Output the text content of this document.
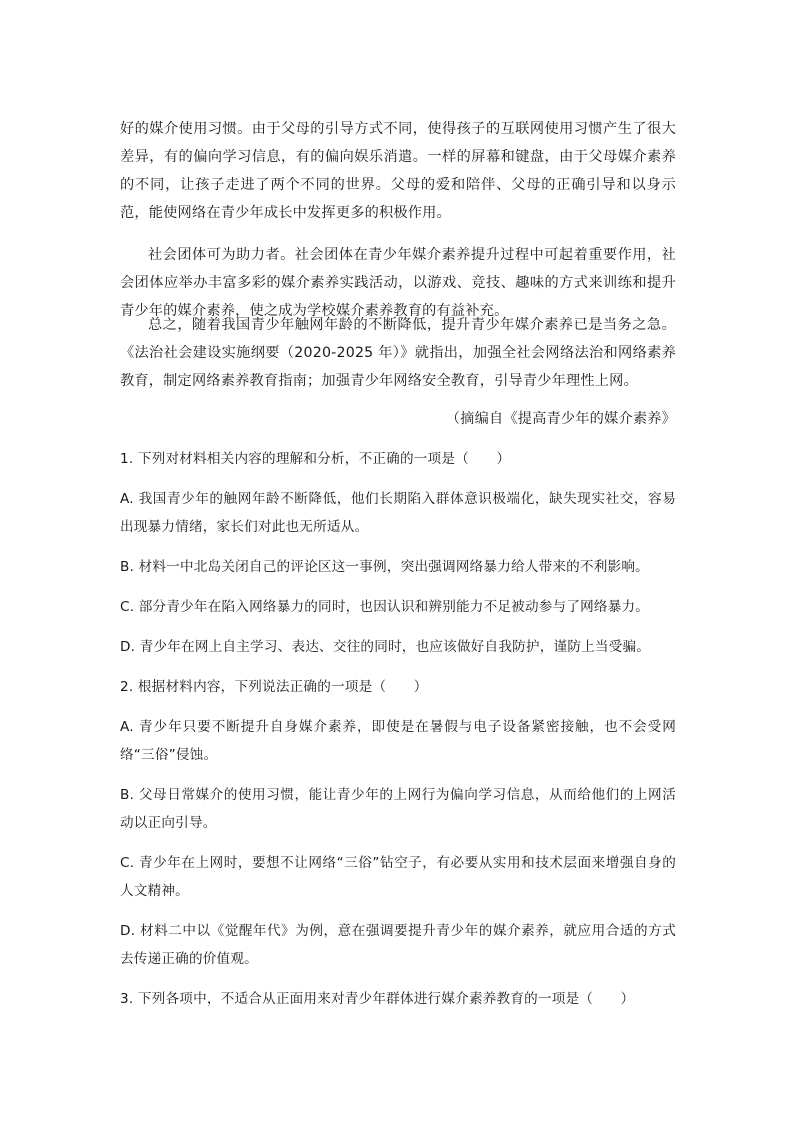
好的媒介使用习惯。由于父母的引导方式不同，使得孩子的互联网使用习惯产生了很大差异，有的偏向学习信息，有的偏向娱乐消遣。一样的屏幕和键盘，由于父母媒介素养的不同，让孩子走进了两个不同的世界。父母的爱和陪伴、父母的正确引导和以身示范，能使网络在青少年成长中发挥更多的积极作用。

社会团体可为助力者。社会团体在青少年媒介素养提升过程中可起着重要作用，社会团体应举办丰富多彩的媒介素养实践活动，以游戏、竞技、趣味的方式来训练和提升青少年的媒介素养，使之成为学校媒介素养教育的有益补充。

总之，随着我国青少年触网年龄的不断降低，提升青少年媒介素养已是当务之急。《法治社会建设实施纲要（2020-2025 年）》就指出，加强全社会网络法治和网络素养教育，制定网络素养教育指南；加强青少年网络安全教育，引导青少年理性上网。

（摘编自《提高青少年的媒介素养》

1. 下列对材料相关内容的理解和分析，不正确的一项是（　　）

A. 我国青少年的触网年龄不断降低，他们长期陷入群体意识极端化，缺失现实社交，容易出现暴力情绪，家长们对此也无所适从。

B. 材料一中北岛关闭自己的评论区这一事例，突出强调网络暴力给人带来的不利影响。

C. 部分青少年在陷入网络暴力的同时，也因认识和辨别能力不足被动参与了网络暴力。

D. 青少年在网上自主学习、表达、交往的同时，也应该做好自我防护，谨防上当受骗。

2. 根据材料内容，下列说法正确的一项是（　　）

A. 青少年只要不断提升自身媒介素养，即使是在暑假与电子设备紧密接触，也不会受网络“三俗”侵蚀。

B. 父母日常媒介的使用习惯，能让青少年的上网行为偏向学习信息，从而给他们的上网活动以正向引导。

C. 青少年在上网时，要想不让网络“三俗”钻空子，有必要从实用和技术层面来增强自身的人文精神。

D. 材料二中以《觉醒年代》为例，意在强调要提升青少年的媒介素养，就应用合适的方式去传递正确的价值观。

3. 下列各项中，不适合从正面用来对青少年群体进行媒介素养教育的一项是（　　）
